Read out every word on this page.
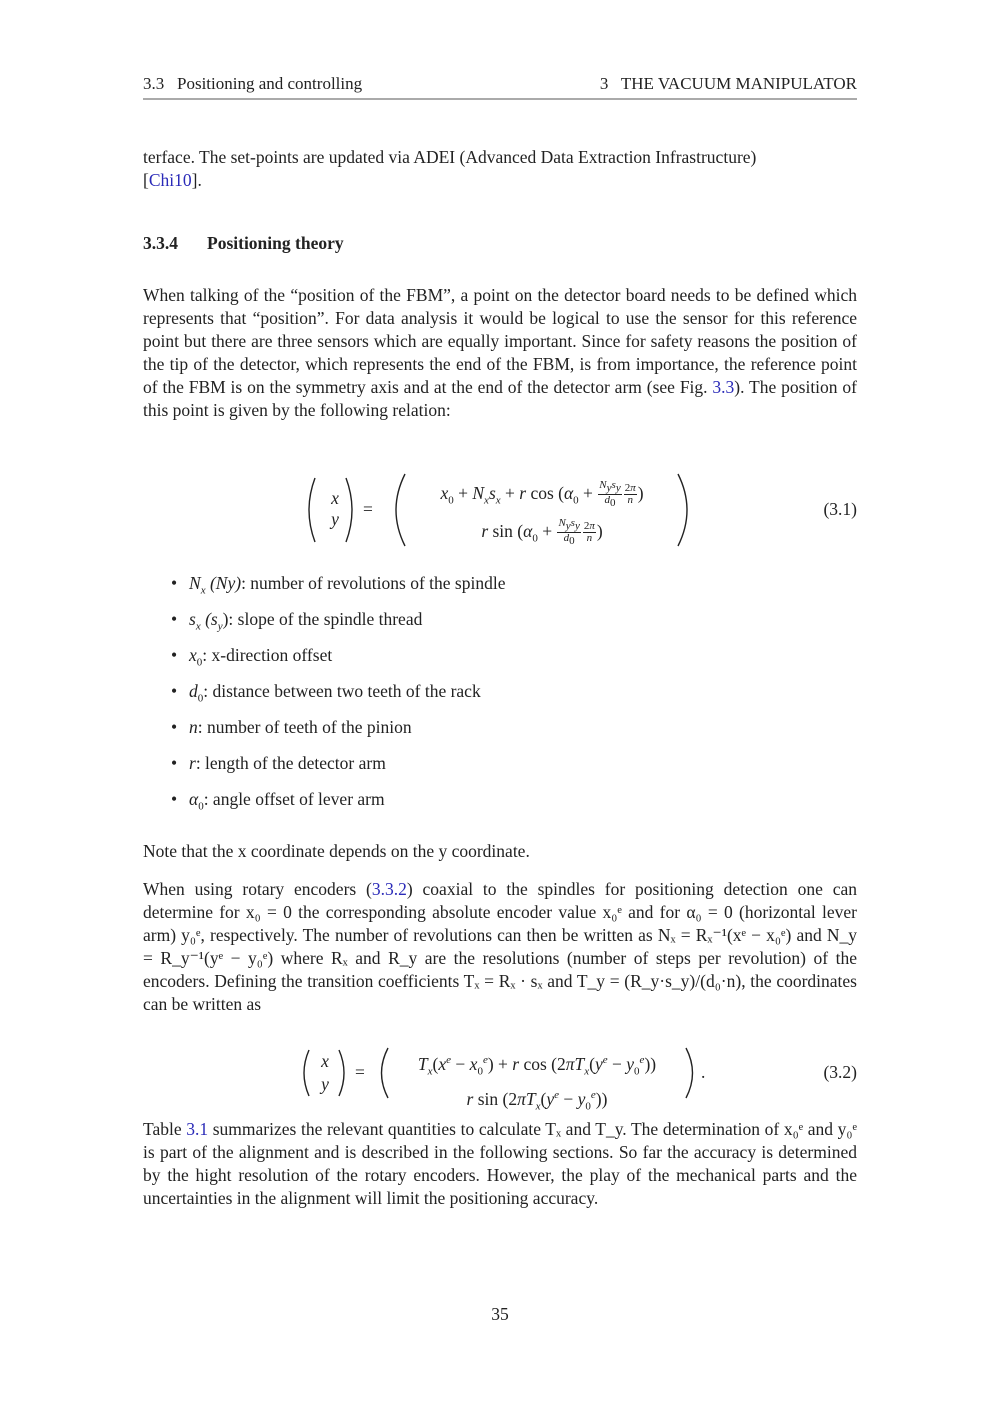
3.3   Positioning and controlling	3   THE VACUUM MANIPULATOR
terface. The set-points are updated via ADEI (Advanced Data Extraction Infrastructure)
[Chi10].
3.3.4 Positioning theory
When talking of the “position of the FBM”, a point on the detector board needs to be defined which represents that “position”. For data analysis it would be logical to use the sensor for this reference point but there are three sensors which are equally important. Since for safety reasons the position of the tip of the detector, which represents the end of the FBM, is from importance, the reference point of the FBM is on the symmetry axis and at the end of the detector arm (see Fig. 3.3). The position of this point is given by the following relation:
x
y	=
$x_0 + N_xs_x + r$ $\cos (\alpha_0 + \frac{N_ys_y}{d_0} \frac{2\pi}{n}$ )
r $\sin (\alpha_0 + \frac{N_ys_y}{d_0} \frac{2\pi}{n}$ )
(3.1)
• $N_x$ (Ny): number of revolutions of the spindle
• $s_x$ $(s_y)$: slope of the spindle thread
• $x_0$: x-direction offset
• $d_0$: distance between two teeth of the rack
• n: number of teeth of the pinion
• r: length of the detector arm
• $\alpha_0$: angle offset of lever arm
Note that the x coordinate depends on the y coordinate.
When using rotary encoders (3.3.2) coaxial to the spindles for positioning detection one can determine for x₀ = 0 the corresponding absolute encoder value x₀ᵉ and for α₀ = 0 (horizontal lever arm) y₀ᵉ, respectively. The number of revolutions can then be written as Nₓ = Rₓ⁻¹(xᵉ − x₀ᵉ) and N_y = R_y⁻¹(yᵉ − y₀ᵉ) where Rₓ and R_y are the resolutions (number of steps per revolution) of the encoders. Defining the transition coefficients Tₓ = Rₓ · sₓ and T_y = (R_y·s_y)/(d₀·n), the coordinates can be written as
x
y
=	$T_x(x^e - x_0^e) + r$ $\cos (2\pi T_x(y^e - y_0^e))$
r $\sin (2\pi T_x(y^e - y_0^e))$
.	(3.2)
Table 3.1 summarizes the relevant quantities to calculate Tₓ and T_y. The determination of x₀ᵉ and y₀ᵉ is part of the alignment and is described in the following sections. So far the accuracy is determined by the hight resolution of the rotary encoders. However, the play of the mechanical parts and the uncertainties in the alignment will limit the positioning accuracy.
35
